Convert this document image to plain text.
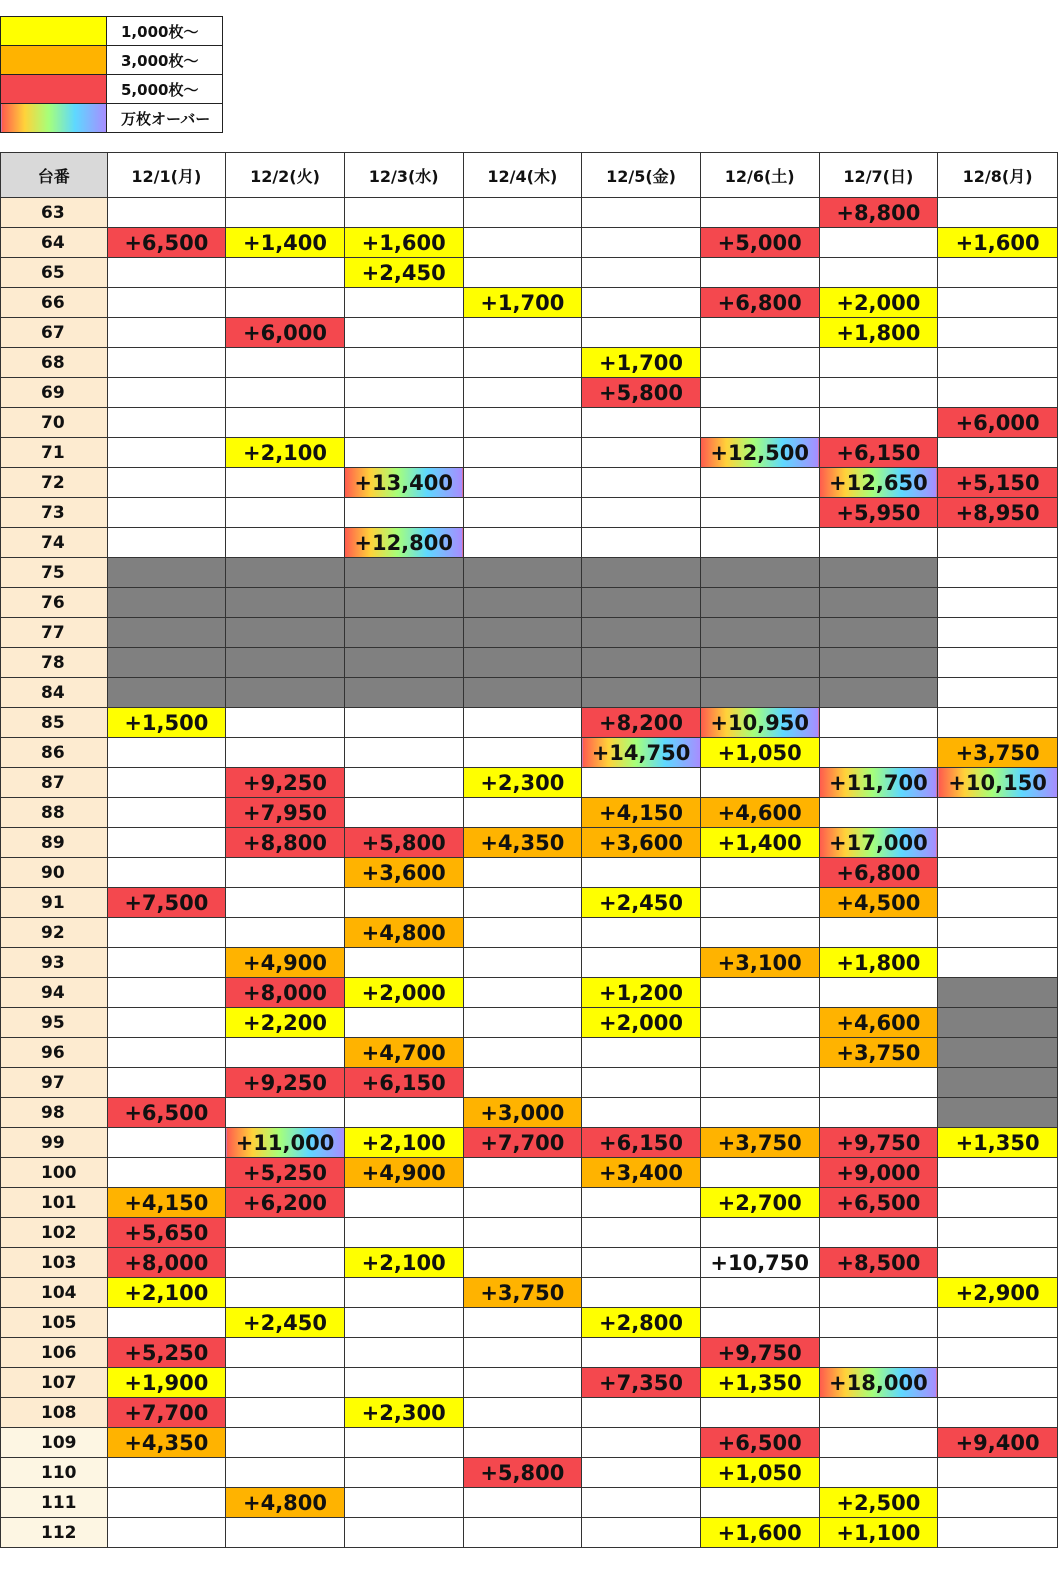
	1,000枚〜
	3,000枚〜
	5,000枚〜
	万枚オーバー
台番	12/1(月)	12/2(火)	12/3(水)	12/4(木)	12/5(金)	12/6(土)	12/7(日)	12/8(月)
63							+8,800	
64	+6,500	+1,400	+1,600			+5,000		+1,600
65			+2,450					
66				+1,700		+6,800	+2,000	
67		+6,000					+1,800	
68					+1,700			
69					+5,800			
70								+6,000
71		+2,100				+12,500	+6,150	
72			+13,400				+12,650	+5,150
73							+5,950	+8,950
74			+12,800					
75								
76								
77								
78								
84								
85	+1,500				+8,200	+10,950		
86					+14,750	+1,050		+3,750
87		+9,250		+2,300			+11,700	+10,150
88		+7,950			+4,150	+4,600		
89		+8,800	+5,800	+4,350	+3,600	+1,400	+17,000	
90			+3,600				+6,800	
91	+7,500				+2,450		+4,500	
92			+4,800					
93		+4,900				+3,100	+1,800	
94		+8,000	+2,000		+1,200			
95		+2,200			+2,000		+4,600	
96			+4,700				+3,750	
97		+9,250	+6,150					
98	+6,500			+3,000				
99		+11,000	+2,100	+7,700	+6,150	+3,750	+9,750	+1,350
100		+5,250	+4,900		+3,400		+9,000	
101	+4,150	+6,200				+2,700	+6,500	
102	+5,650							
103	+8,000		+2,100			+10,750	+8,500	
104	+2,100			+3,750				+2,900
105		+2,450			+2,800			
106	+5,250					+9,750		
107	+1,900				+7,350	+1,350	+18,000	
108	+7,700		+2,300					
109	+4,350					+6,500		+9,400
110				+5,800		+1,050		
111		+4,800					+2,500	
112						+1,600	+1,100	
